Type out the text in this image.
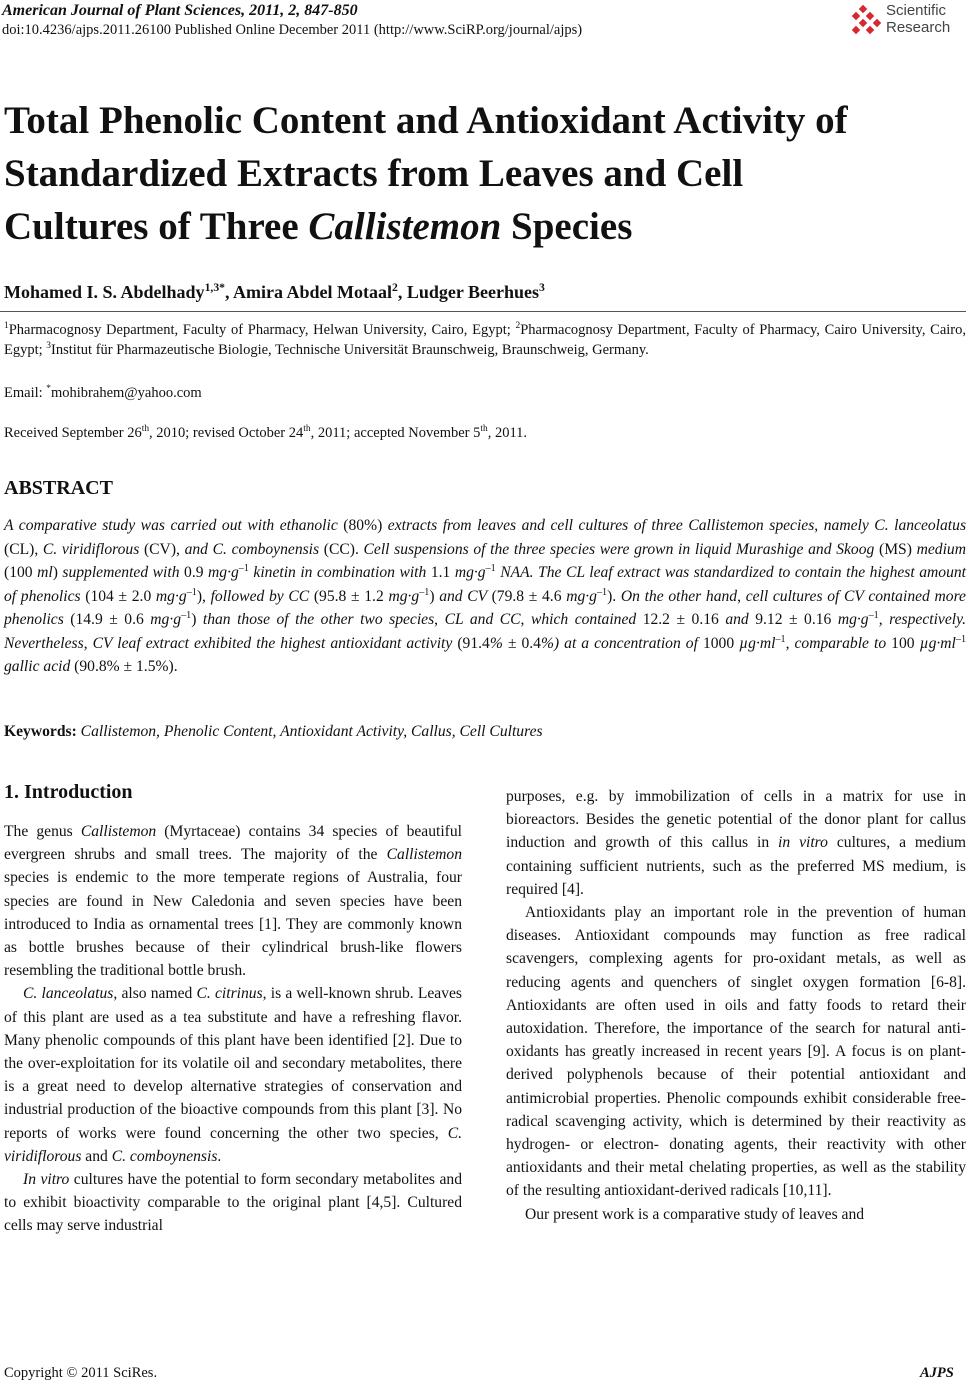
American Journal of Plant Sciences, 2011, 2, 847-850
doi:10.4236/ajps.2011.26100 Published Online December 2011 (http://www.SciRP.org/journal/ajps)
Scientific
Research
Total Phenolic Content and Antioxidant Activity of
Standardized Extracts from Leaves and Cell
Cultures of Three Callistemon Species
Mohamed I. S. Abdelhady$^{1,3*}$, Amira Abdel Motaal$^2$, Ludger Beerhues$^3$
$^1$Pharmacognosy Department, Faculty of Pharmacy, Helwan University, Cairo, Egypt; $^2$Pharmacognosy Department, Faculty of Pharmacy, Cairo University, Cairo, Egypt; $^3$Institut für Pharmazeutische Biologie, Technische Universität Braunschweig, Braunschweig, Germany.
Email: *mohibrahem@yahoo.com
Received September 26th, 2010; revised October 24th, 2011; accepted November 5th, 2011.
ABSTRACT
A comparative study was carried out with ethanolic (80%) extracts from leaves and cell cultures of three Callistemon species, namely C. lanceolatus (CL), C. viridiflorous (CV), and C. comboynensis (CC). Cell suspensions of the three species were grown in liquid Murashige and Skoog (MS) medium (100 ml) supplemented with 0.9 $mg\cdot g^{-1}$ kinetin in combination with 1.1 $mg\cdot g^{-1}$ NAA. The CL leaf extract was standardized to contain the highest amount of phenolics (104 ± 2.0 $mg\cdot g^{-1}$), followed by CC (95.8 ± 1.2 $mg\cdot g^{-1}$) and CV (79.8 ± 4.6 $mg\cdot g^{-1}$). On the other hand, cell cultures of CV contained more phenolics (14.9 ± 0.6 $mg\cdot g^{-1}$) than those of the other two species, CL and CC, which contained 12.2 ± 0.16 and 9.12 ± 0.16 $mg\cdot g^{-1}$, respectively. Nevertheless, CV leaf extract exhibited the highest antioxidant activity (91.4% ± 0.4%) at a concentration of 1000 $\mu g\cdot ml^{-1}$, comparable to 100 $\mu g\cdot ml^{-1}$ gallic acid (90.8% ± 1.5%).
Keywords: Callistemon, Phenolic Content, Antioxidant Activity, Callus, Cell Cultures
1. Introduction

The genus Callistemon (Myrtaceae) contains 34 species of beautiful evergreen shrubs and small trees. The majority of the Callistemon species is endemic to the more temperate regions of Australia, four species are found in New Caledonia and seven species have been introduced to India as ornamental trees [1]. They are commonly known as bottle brushes because of their cylindrical brush-like flowers resembling the traditional bottle brush.

C. lanceolatus, also named C. citrinus, is a well-known shrub. Leaves of this plant are used as a tea substitute and have a refreshing flavor. Many phenolic compounds of this plant have been identified [2]. Due to the over-exploitation for its volatile oil and secondary metabolites, there is a great need to develop alternative strategies of conservation and industrial production of the bioactive compounds from this plant [3]. No reports of works were found concerning the other two species, C. viridiflorous and C. comboynensis.

In vitro cultures have the potential to form secondary metabolites and to exhibit bioactivity comparable to the original plant [4,5]. Cultured cells may serve industrial

purposes, e.g. by immobilization of cells in a matrix for use in bioreactors. Besides the genetic potential of the donor plant for callus induction and growth of this callus in in vitro cultures, a medium containing sufficient nutrients, such as the preferred MS medium, is required [4].

Antioxidants play an important role in the prevention of human diseases. Antioxidant compounds may function as free radical scavengers, complexing agents for pro-oxidant metals, as well as reducing agents and quenchers of singlet oxygen formation [6-8]. Antioxidants are often used in oils and fatty foods to retard their autoxidation. Therefore, the importance of the search for natural anti-oxidants has greatly increased in recent years [9]. A focus is on plant-derived polyphenols because of their potential antioxidant and antimicrobial properties. Phenolic compounds exhibit considerable free-radical scavenging activity, which is determined by their reactivity as hydrogen- or electron- donating agents, their reactivity with other antioxidants and their metal chelating properties, as well as the stability of the resulting antioxidant-derived radicals [10,11].

Our present work is a comparative study of leaves and

Copyright © 2011 SciRes.	AJPS
